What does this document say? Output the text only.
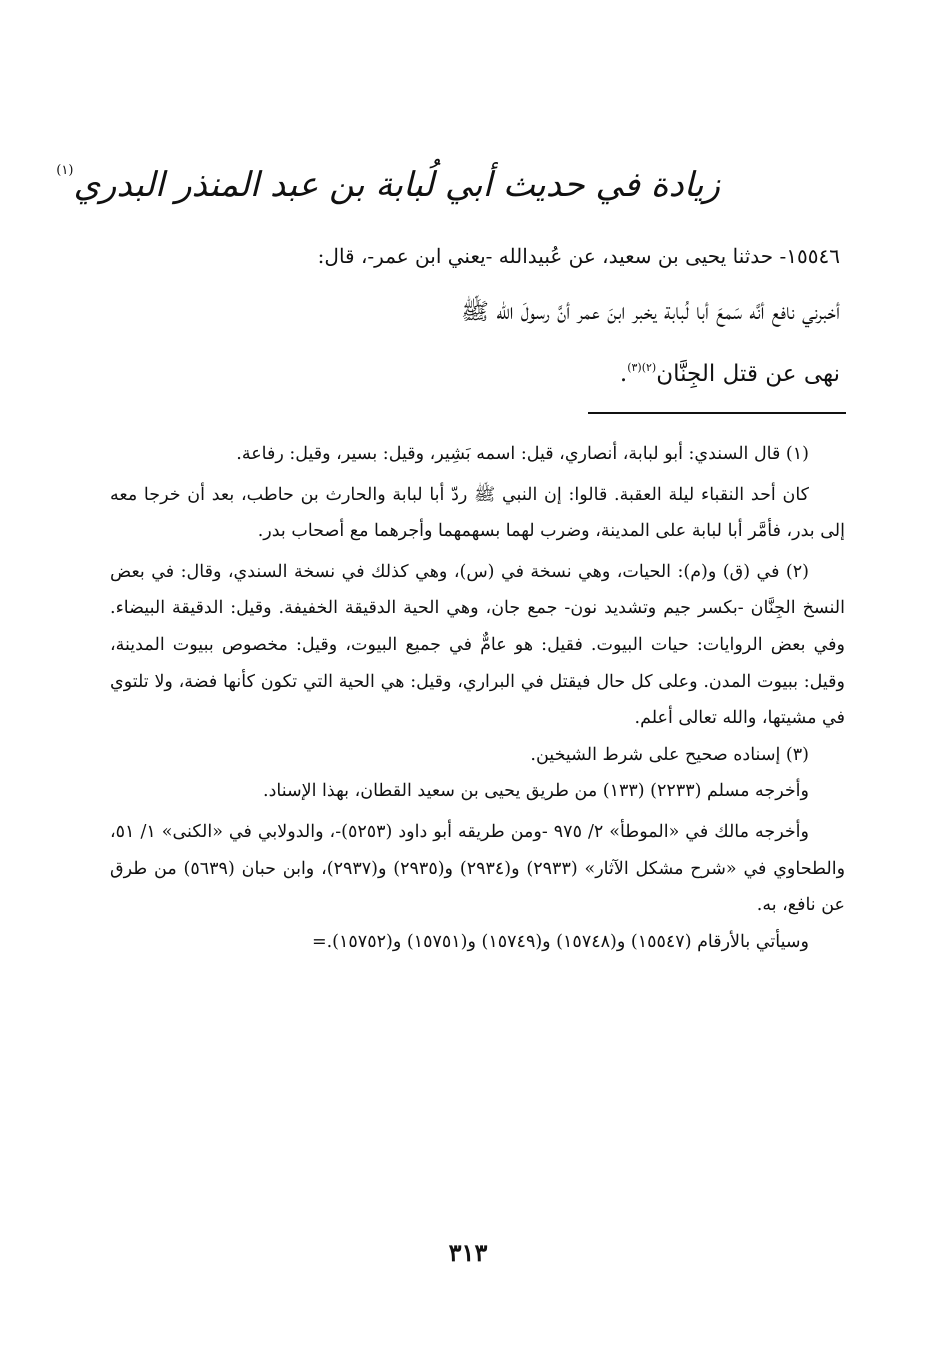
زيادة في حديث أبي لُبابة بن عبد المنذر البدري$^{(١)}$
١٥٥٤٦- حدثنا يحيى بن سعيد، عن عُبيدالله -يعني ابن عمر-، قال:
أخبرني نافع أنَّه سَمعَ أبا لُبابة يخبر ابنَ عمر أنَّ رسولَ الله ﷺ
نهى عن قتل الجِنَّان$^{(٢)(٣)}$.

(١) قال السندي: أبو لبابة، أنصاري، قيل: اسمه بَشِير، وقيل: بسير، وقيل: رفاعة.

كان أحد النقباء ليلة العقبة. قالوا: إن النبي ﷺ ردّ أبا لبابة والحارث بن حاطب، بعد أن خرجا معه إلى بدر، فأمَّر أبا لبابة على المدينة، وضرب لهما بسهمهما وأجرهما مع أصحاب بدر.

(٢) في (ق) و(م): الحيات، وهي نسخة في (س)، وهي كذلك في نسخة السندي، وقال: في بعض النسخ الجِنَّان -بكسر جيم وتشديد نون- جمع جان، وهي الحية الدقيقة الخفيفة. وقيل: الدقيقة البيضاء. وفي بعض الروايات: حيات البيوت. فقيل: هو عامٌّ في جميع البيوت، وقيل: مخصوص ببيوت المدينة، وقيل: ببيوت المدن. وعلى كل حال فيقتل في البراري، وقيل: هي الحية التي تكون كأنها فضة، ولا تلتوي في مشيتها، والله تعالى أعلم.

(٣) إسناده صحيح على شرط الشيخين.

وأخرجه مسلم (٢٢٣٣) (١٣٣) من طريق يحيى بن سعيد القطان، بهذا الإسناد.

وأخرجه مالك في «الموطأ» ٢/ ٩٧٥ -ومن طريقه أبو داود (٥٢٥٣)-، والدولابي في «الكنى» ١/ ٥١، والطحاوي في «شرح مشكل الآثار» (٢٩٣٣) و(٢٩٣٤) و(٢٩٣٥) و(٢٩٣٧)، وابن حبان (٥٦٣٩) من طرق عن نافع، به.

وسيأتي بالأرقام (١٥٥٤٧) و(١٥٧٤٨) و(١٥٧٤٩) و(١٥٧٥١) و(١٥٧٥٢).=

٣١٣
